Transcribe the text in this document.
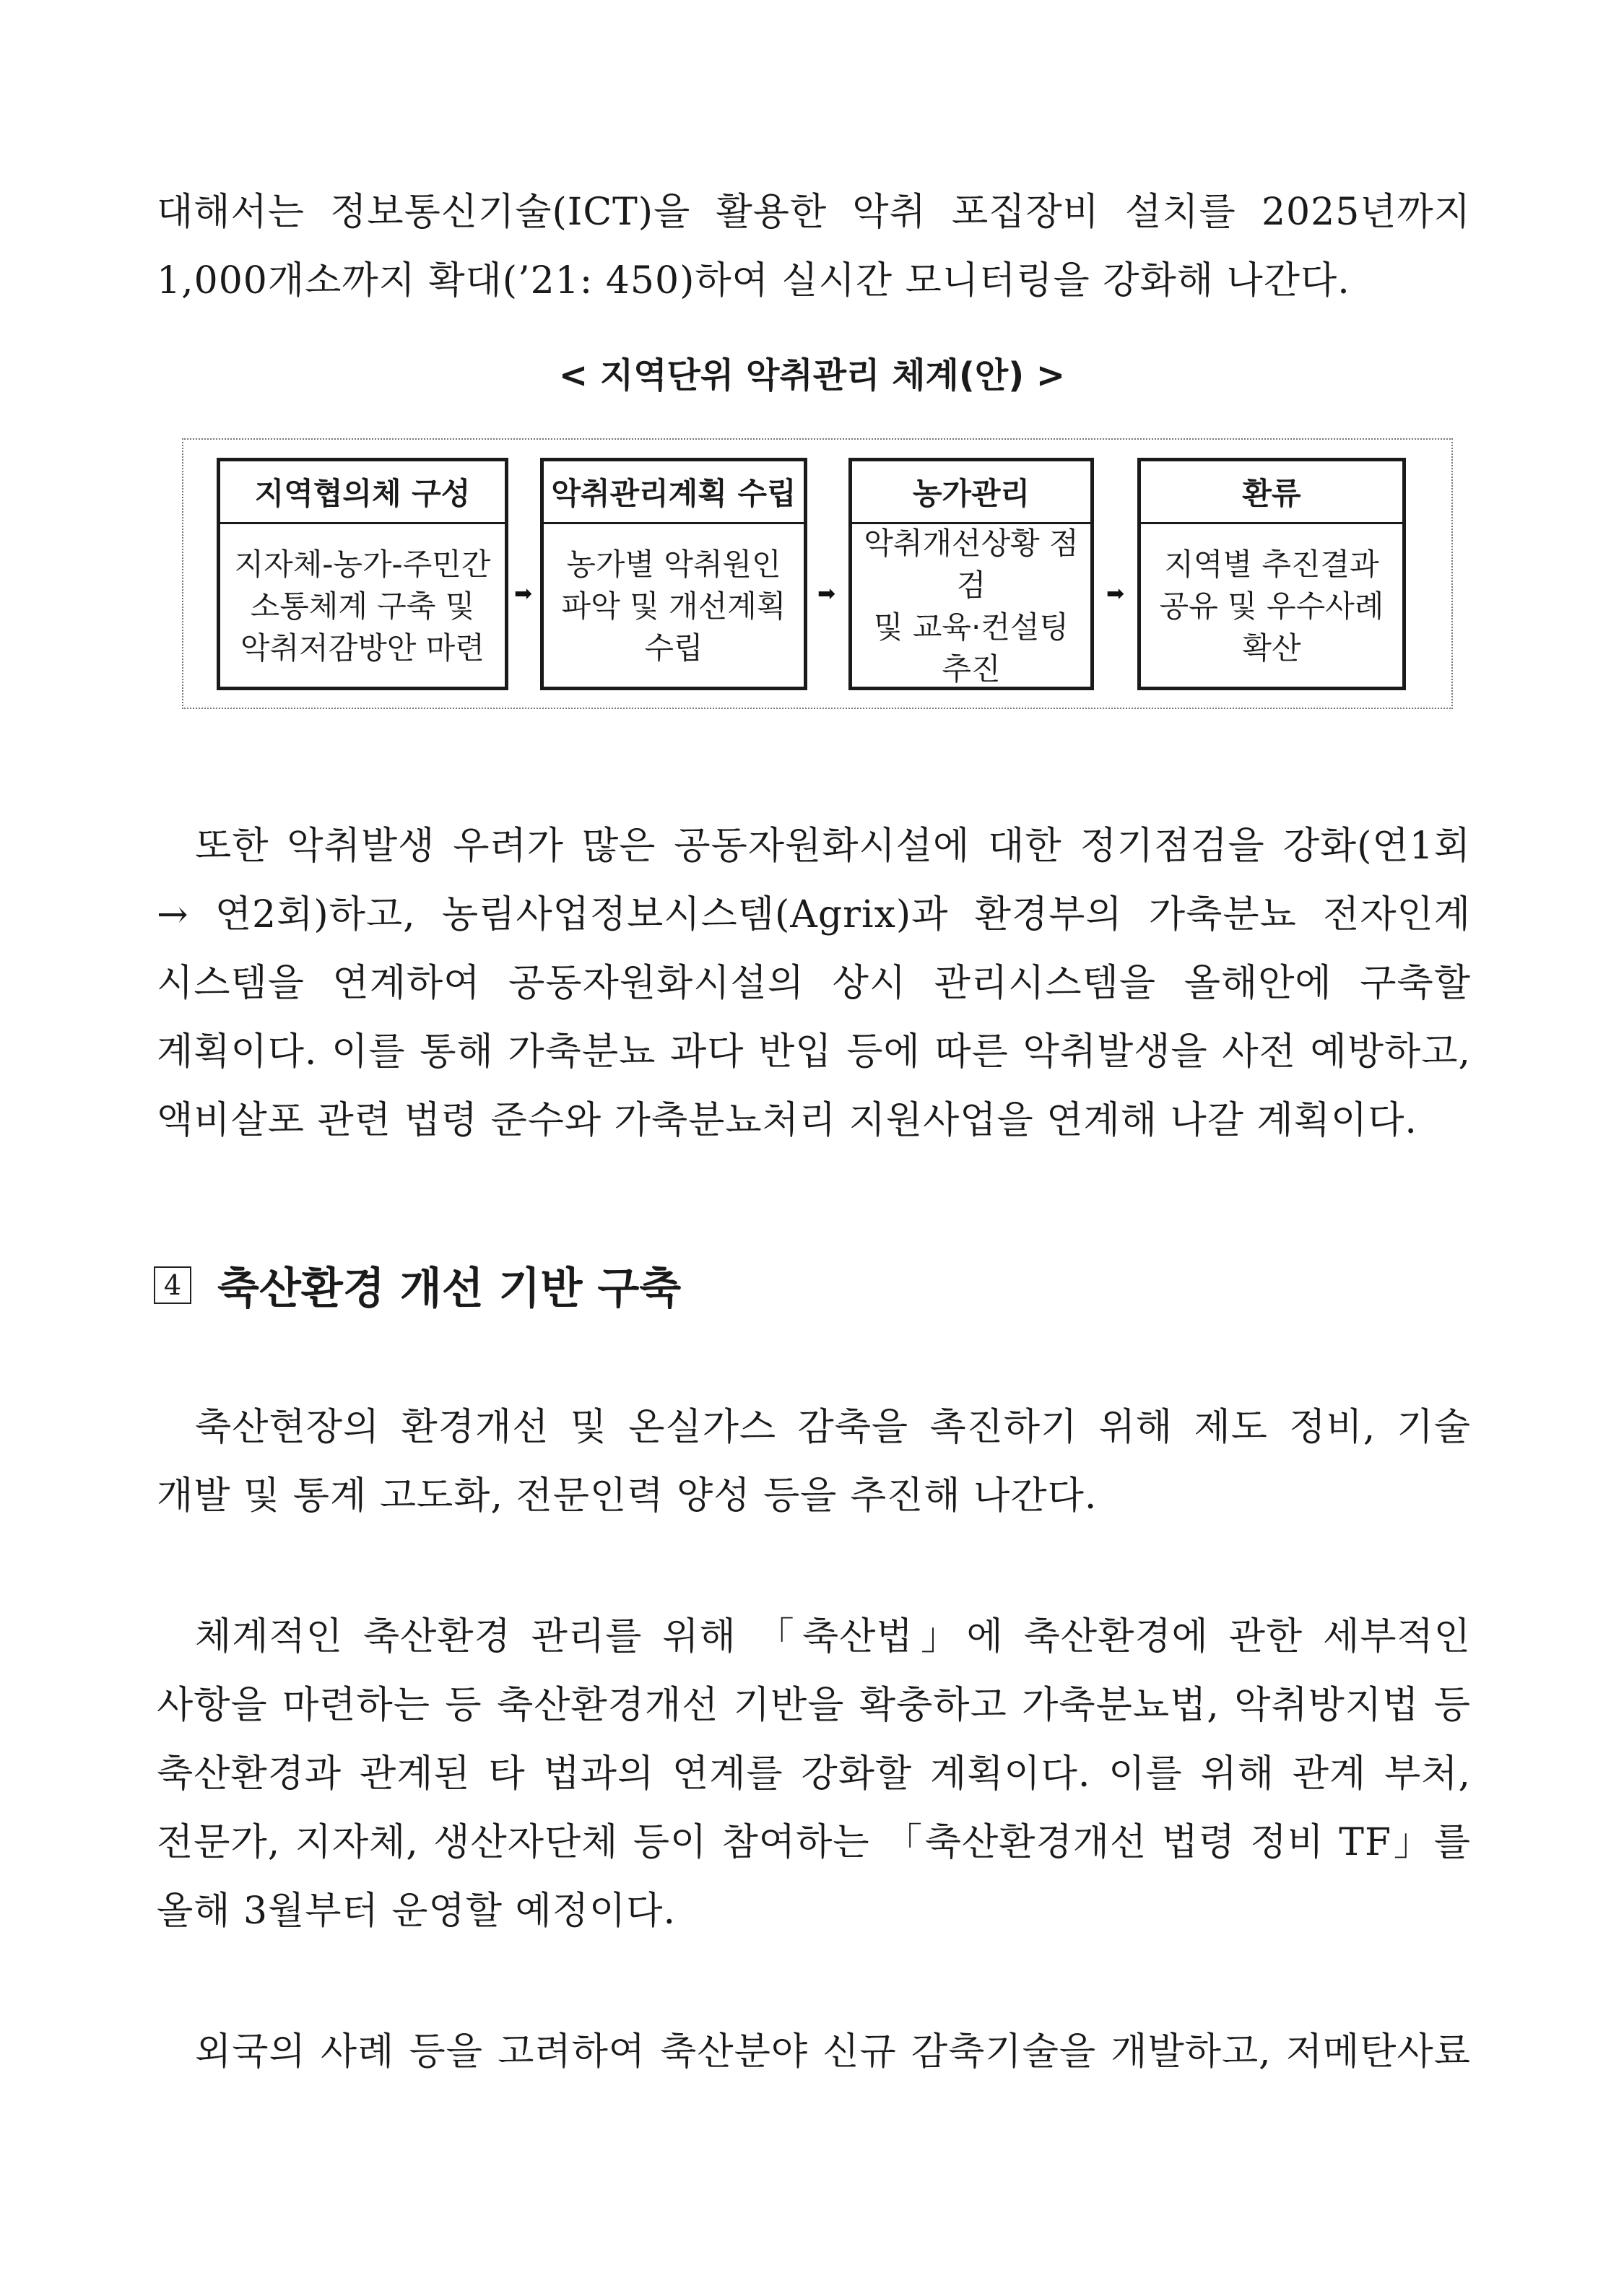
대해서는 정보통신기술(ICT)을 활용한 악취 포집장비 설치를 2025년까지
1,000개소까지 확대(’21: 450)하여 실시간 모니터링을 강화해 나간다.
< 지역단위 악취관리 체계(안) >
지역협의체 구성
지자체-농가-주민간
소통체계 구축 및
악취저감방안 마련
➡
악취관리계획 수립
농가별 악취원인
파악 및 개선계획
수립
➡
농가관리
악취개선상황 점검
및 교육·컨설팅
추진
➡
환류
지역별 추진결과
공유 및 우수사례
확산
또한 악취발생 우려가 많은 공동자원화시설에 대한 정기점검을 강화(연1회
→ 연2회)하고, 농림사업정보시스템(Agrix)과 환경부의 가축분뇨 전자인계
시스템을 연계하여 공동자원화시설의 상시 관리시스템을 올해안에 구축할
계획이다. 이를 통해 가축분뇨 과다 반입 등에 따른 악취발생을 사전 예방하고,
액비살포 관련 법령 준수와 가축분뇨처리 지원사업을 연계해 나갈 계획이다.
4 축산환경 개선 기반 구축
축산현장의 환경개선 및 온실가스 감축을 촉진하기 위해 제도 정비, 기술
개발 및 통계 고도화, 전문인력 양성 등을 추진해 나간다.
체계적인 축산환경 관리를 위해 「축산법」에 축산환경에 관한 세부적인
사항을 마련하는 등 축산환경개선 기반을 확충하고 가축분뇨법, 악취방지법 등
축산환경과 관계된 타 법과의 연계를 강화할 계획이다. 이를 위해 관계 부처,
전문가, 지자체, 생산자단체 등이 참여하는 「축산환경개선 법령 정비 TF」를
올해 3월부터 운영할 예정이다.
외국의 사례 등을 고려하여 축산분야 신규 감축기술을 개발하고, 저메탄사료
